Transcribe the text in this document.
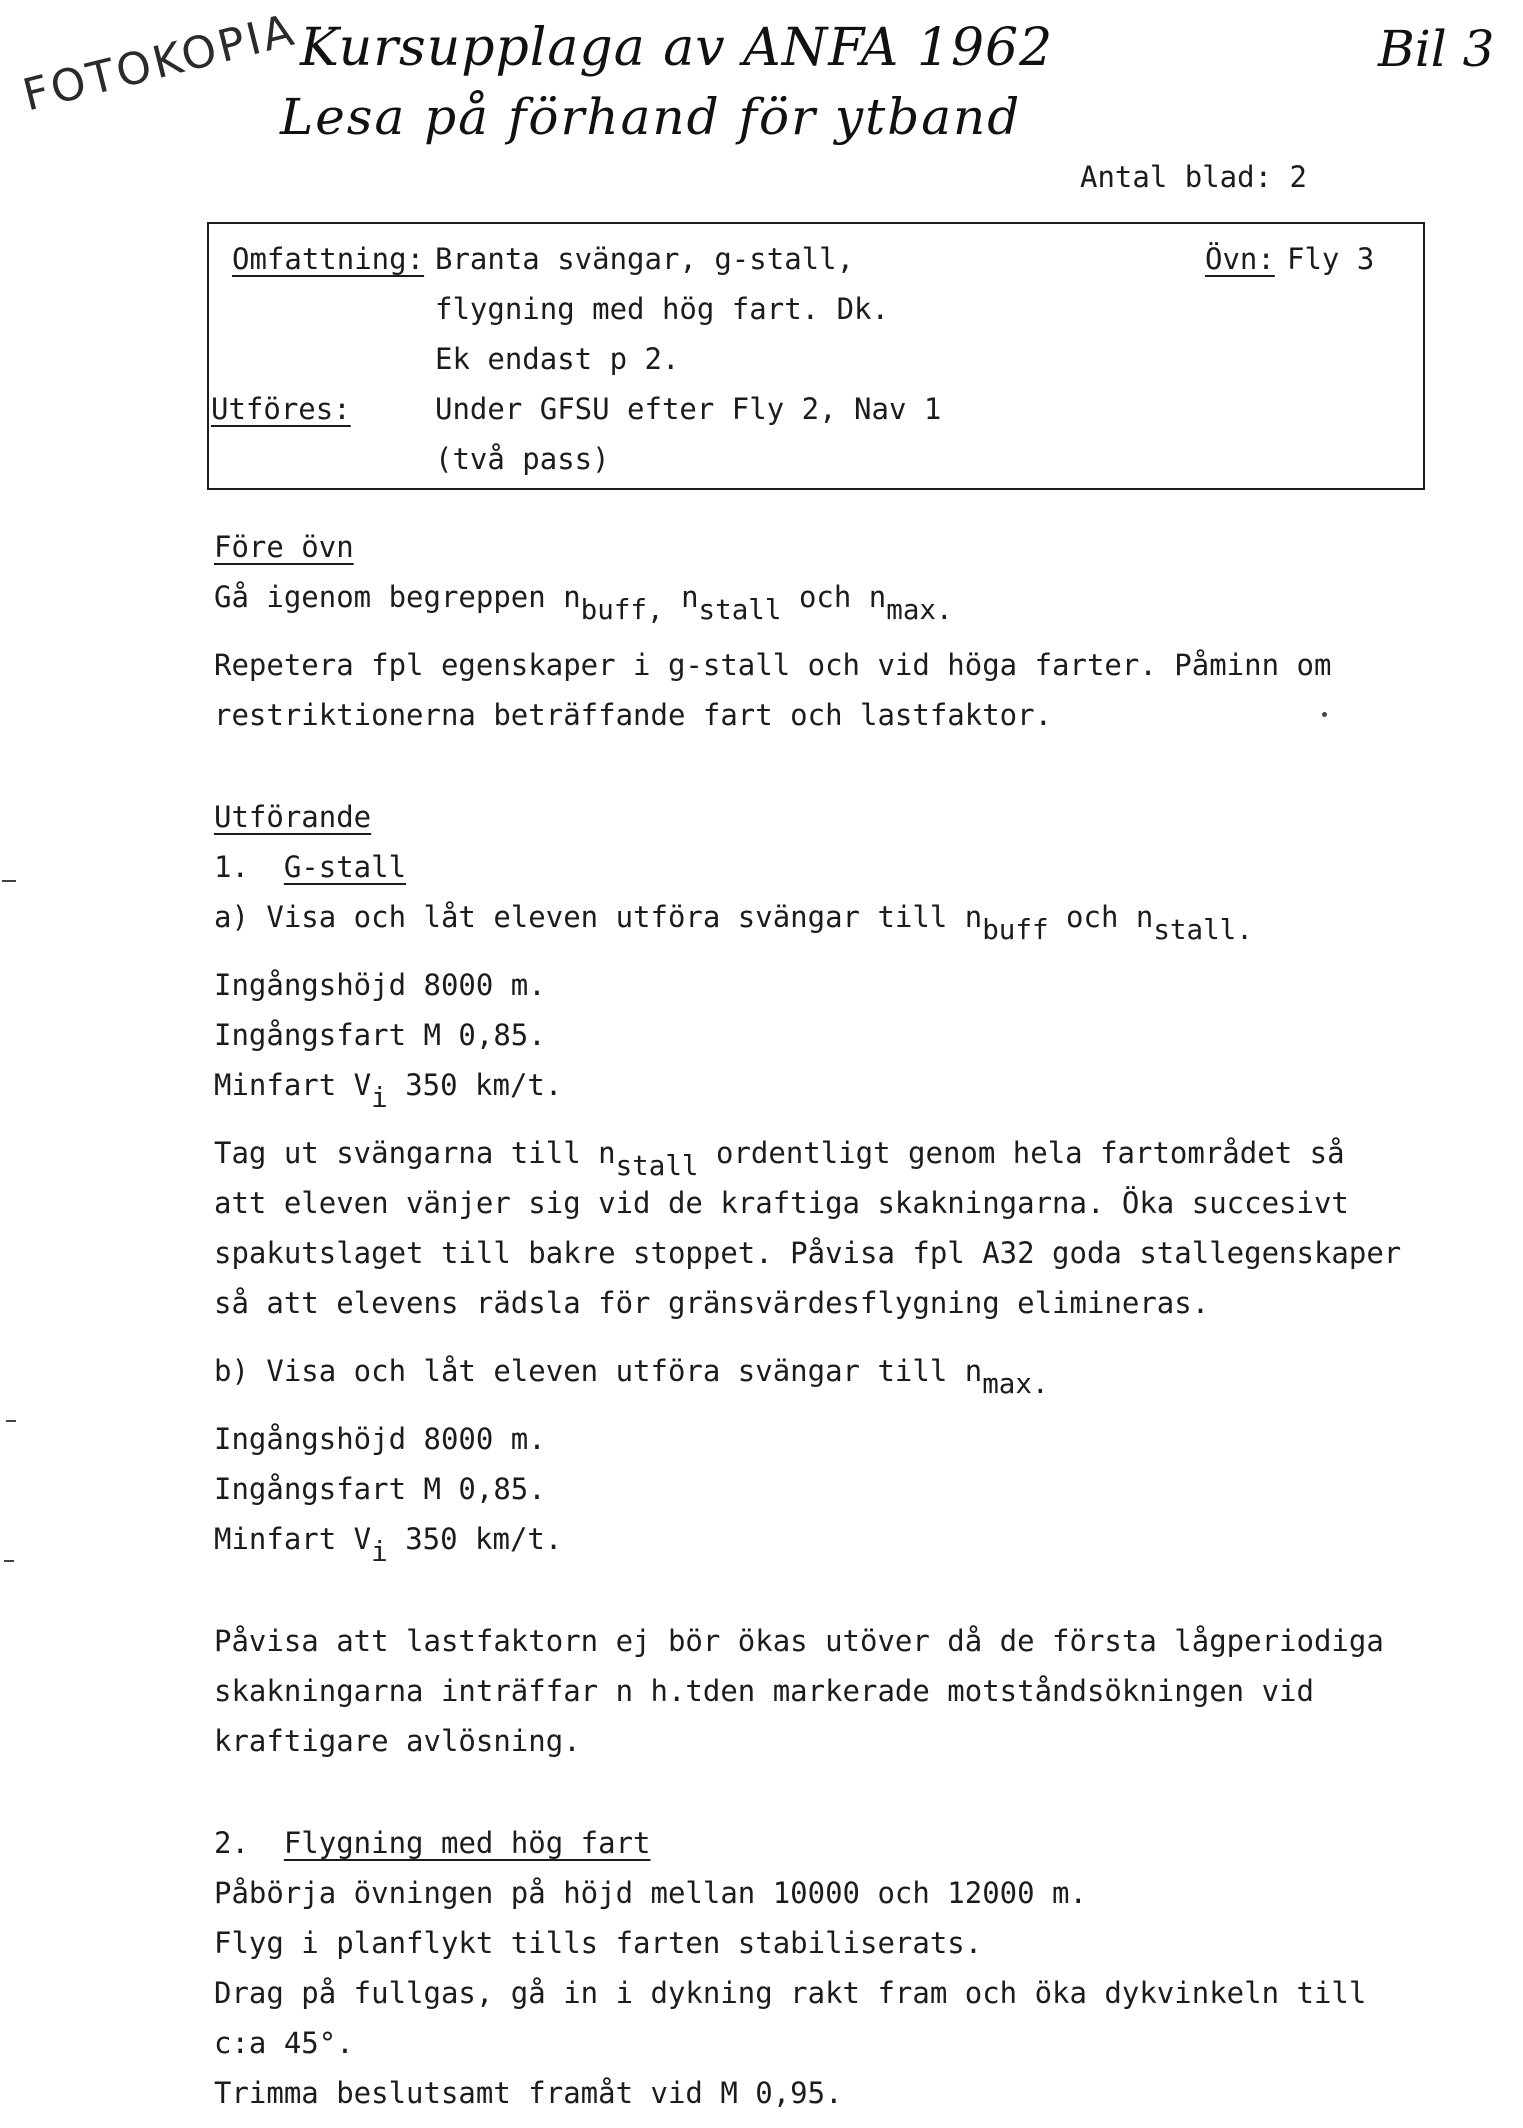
FOTOKOPIA
Kursupplaga av ANFA 1962
Lesa på förhand för ytband
Bil 3
Antal blad: 2
Omfattning: Branta svängar, g-stall,
flygning med hög fart. Dk.
Ek endast p 2.
Övn: Fly 3
Utföres:	Under GFSU efter Fly 2, Nav 1
(två pass)
Före övn
Gå igenom begreppen $n_{buff,}$ $n_{stall}$ och $n_{max.}$
Repetera fpl egenskaper i g-stall och vid höga farter. Påminn om
restriktionerna beträffande fart och lastfaktor.
Utförande
1. G-stall
a) Visa och låt eleven utföra svängar till $n_{buff}$ och $n_{stall.}$
Ingångshöjd 8000 m.
Ingångsfart M 0,85.
Minfart $V_i$ 350 km/t.
Tag ut svängarna till $n_{stall}$ ordentligt genom hela fartområdet så
att eleven vänjer sig vid de kraftiga skakningarna. Öka succesivt
spakutslaget till bakre stoppet. Påvisa fpl A32 goda stallegenskaper
så att elevens rädsla för gränsvärdesflygning elimineras.
b) Visa och låt eleven utföra svängar till $n_{max.}$
Ingångshöjd 8000 m.
Ingångsfart M 0,85.
Minfart $V_i$ 350 km/t.
Påvisa att lastfaktorn ej bör ökas utöver då de första lågperiodiga
skakningarna inträffar n h.tden markerade motståndsökningen vid
kraftigare avlösning.
2. Flygning med hög fart
Påbörja övningen på höjd mellan 10000 och 12000 m.
Flyg i planflykt tills farten stabiliserats.
Drag på fullgas, gå in i dykning rakt fram och öka dykvinkeln till
c:a 45°.
Trimma beslutsamt framåt vid M 0,95.
